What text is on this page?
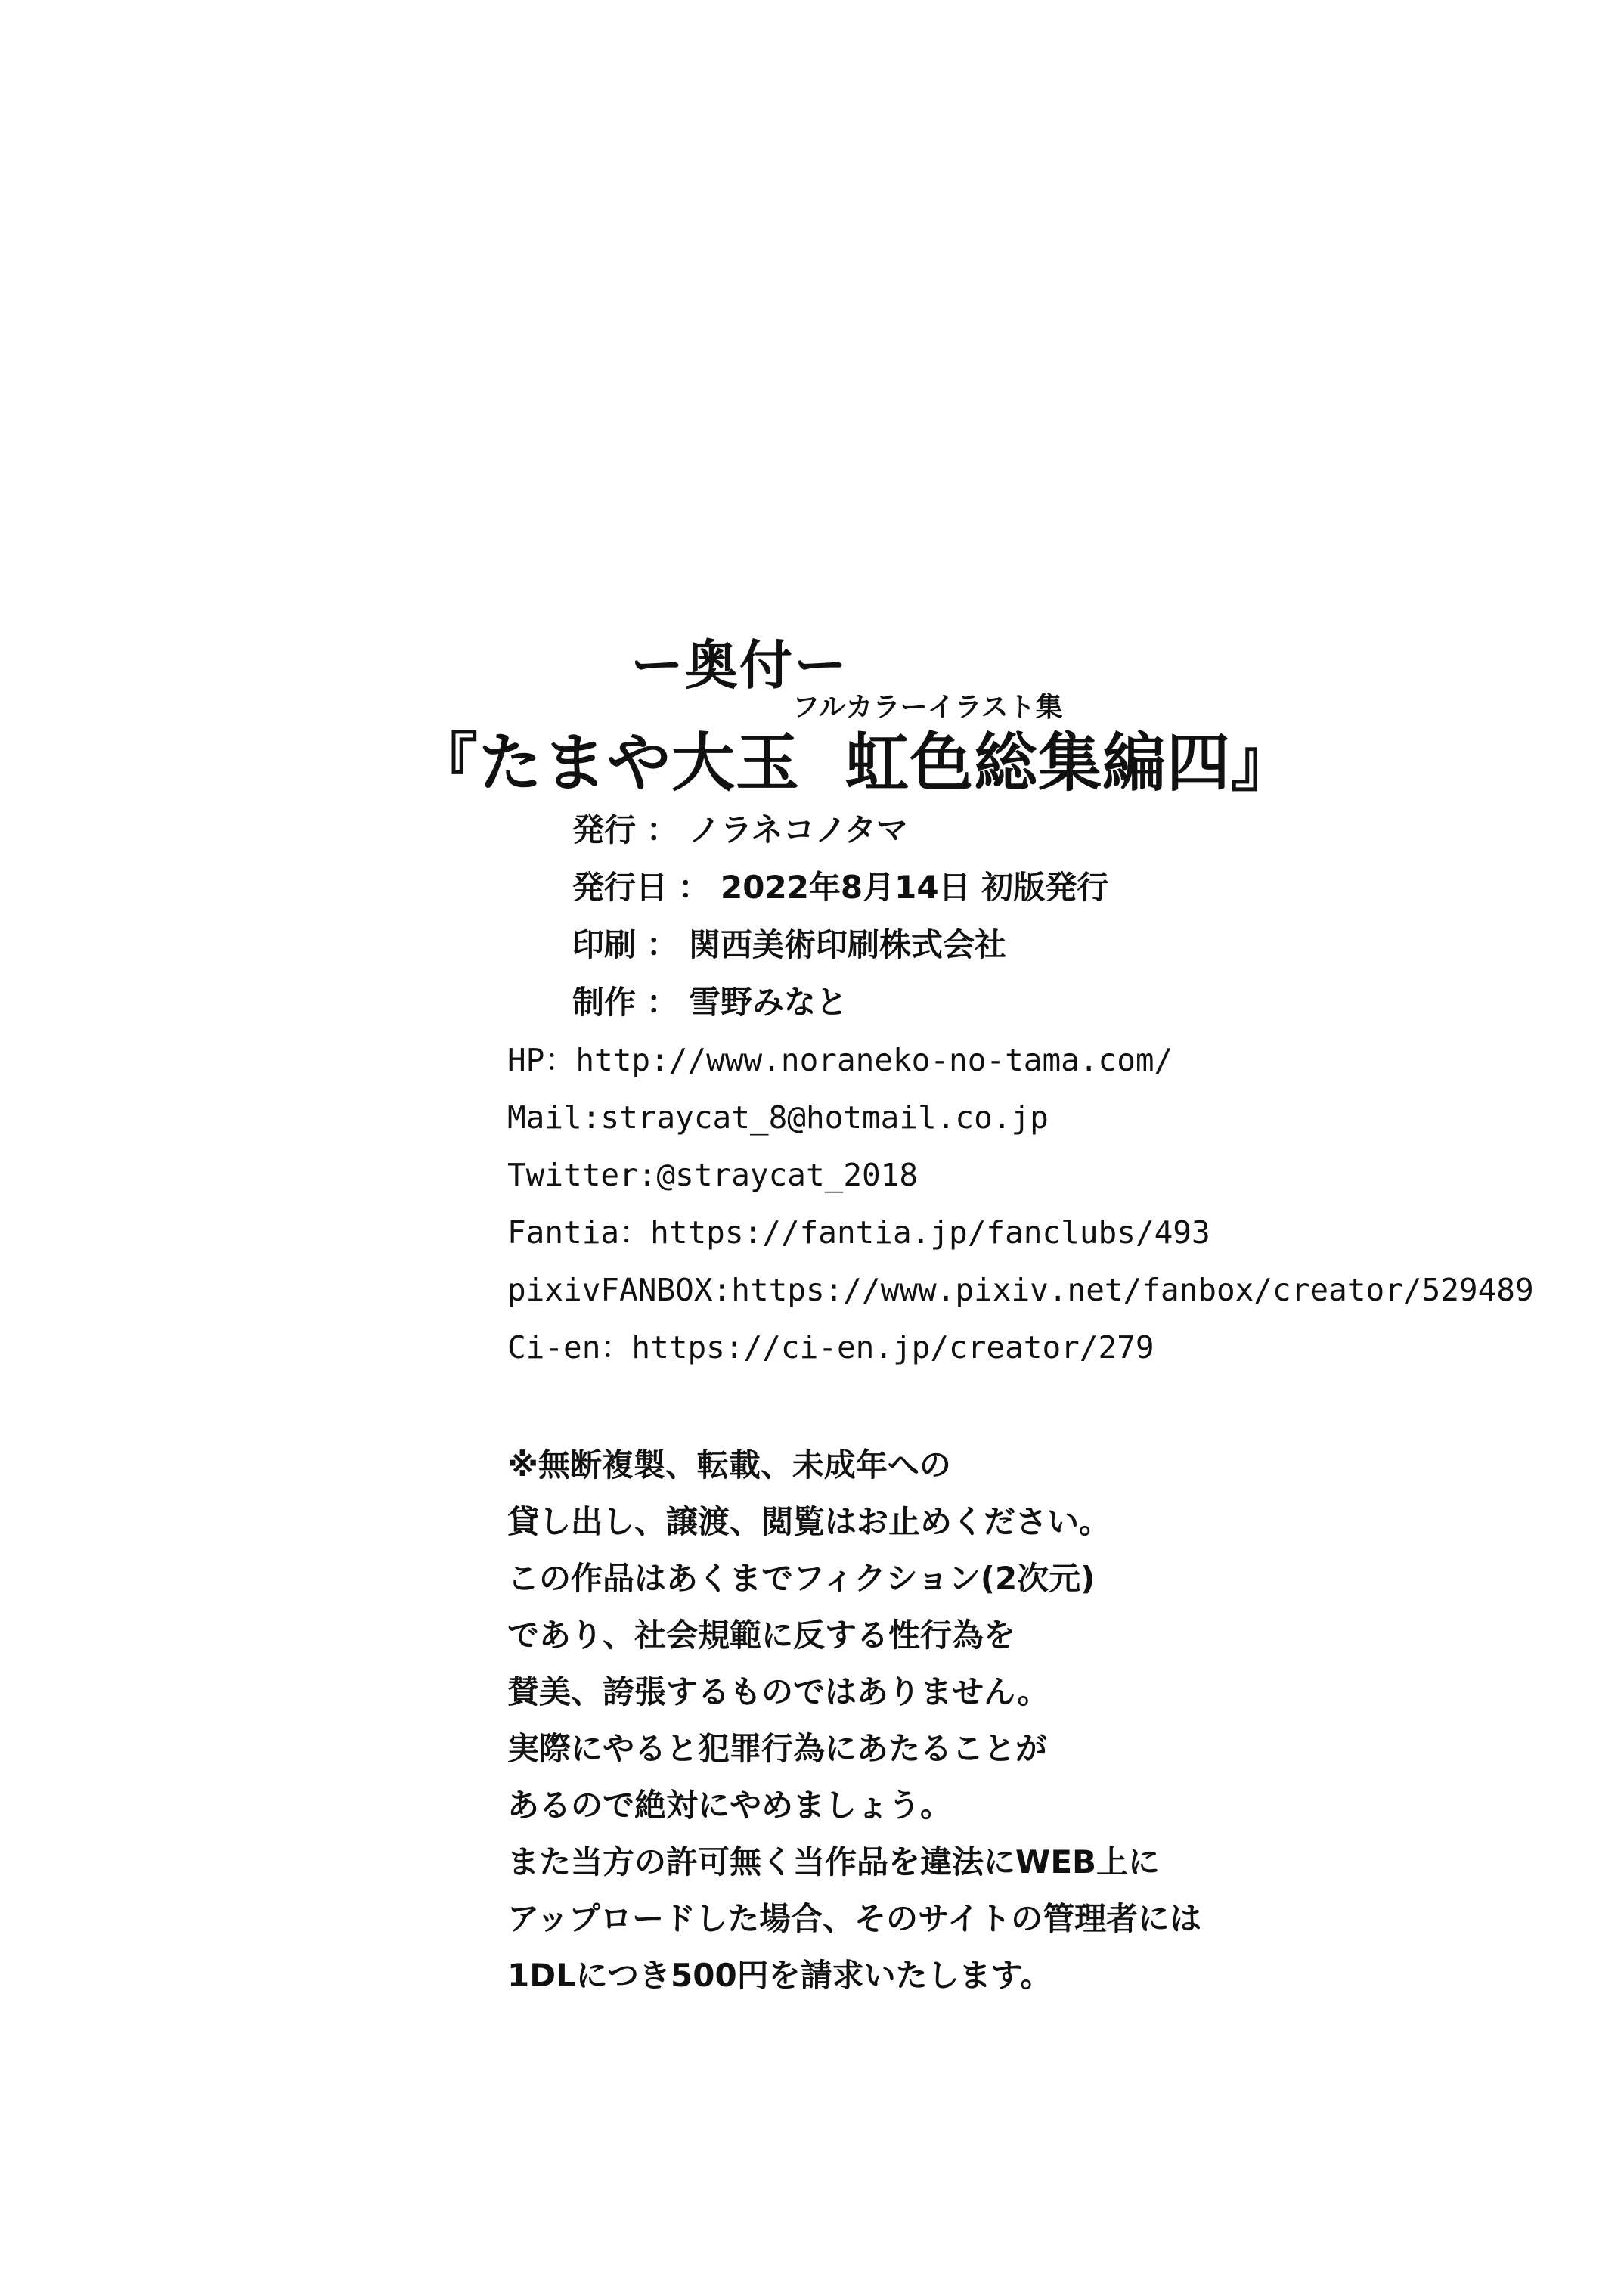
ー奥付ー
フルカラーイラスト集
『たまや大玉 虹色総集編四』
発行 ： ノラネコノタマ
発行日 ： 2022年8月14日 初版発行
印刷 ： 関西美術印刷株式会社
制作 ： 雪野みなと
HP：http://www.noraneko-no-tama.com/
Mail:straycat_8@hotmail.co.jp
Twitter:@straycat_2018
Fantia：https://fantia.jp/fanclubs/493
pixivFANBOX:https://www.pixiv.net/fanbox/creator/529489
Ci-en：https://ci-en.jp/creator/279
※無断複製、転載、未成年への
貸し出し、譲渡、閲覧はお止めください。
この作品はあくまでフィクション(2次元)
であり、社会規範に反する性行為を
賛美、誇張するものではありません。
実際にやると犯罪行為にあたることが
あるので絶対にやめましょう。
また当方の許可無く当作品を違法にWEB上に
アップロードした場合、そのサイトの管理者には
1DLにつき500円を請求いたします。
